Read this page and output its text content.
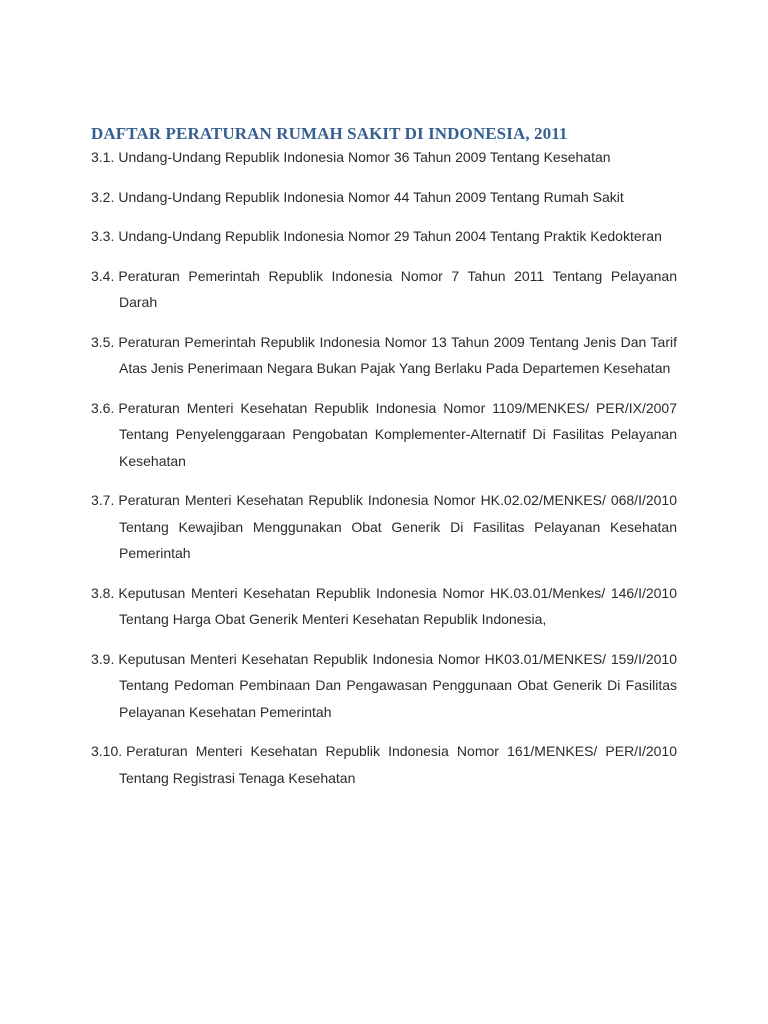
DAFTAR PERATURAN RUMAH SAKIT DI INDONESIA, 2011
3.1. Undang-Undang Republik Indonesia Nomor 36 Tahun 2009 Tentang Kesehatan
3.2. Undang-Undang Republik Indonesia Nomor 44 Tahun 2009 Tentang Rumah Sakit
3.3. Undang-Undang Republik Indonesia Nomor 29 Tahun 2004 Tentang Praktik Kedokteran
3.4. Peraturan Pemerintah Republik Indonesia Nomor 7 Tahun 2011 Tentang Pelayanan Darah
3.5. Peraturan Pemerintah Republik Indonesia Nomor 13 Tahun 2009 Tentang Jenis Dan Tarif Atas Jenis Penerimaan Negara Bukan Pajak Yang Berlaku Pada Departemen Kesehatan
3.6. Peraturan Menteri Kesehatan Republik Indonesia Nomor 1109/MENKES/ PER/IX/2007 Tentang Penyelenggaraan Pengobatan Komplementer-Alternatif Di Fasilitas Pelayanan Kesehatan
3.7. Peraturan Menteri Kesehatan Republik Indonesia Nomor HK.02.02/MENKES/ 068/I/2010 Tentang Kewajiban Menggunakan Obat Generik Di Fasilitas Pelayanan Kesehatan Pemerintah
3.8. Keputusan Menteri Kesehatan Republik Indonesia Nomor HK.03.01/Menkes/ 146/I/2010 Tentang Harga Obat Generik Menteri Kesehatan Republik Indonesia,
3.9. Keputusan Menteri Kesehatan Republik Indonesia Nomor HK03.01/MENKES/ 159/I/2010 Tentang Pedoman Pembinaan Dan Pengawasan Penggunaan Obat Generik Di Fasilitas Pelayanan Kesehatan Pemerintah
3.10. Peraturan Menteri Kesehatan Republik Indonesia Nomor 161/MENKES/ PER/I/2010 Tentang Registrasi Tenaga Kesehatan
